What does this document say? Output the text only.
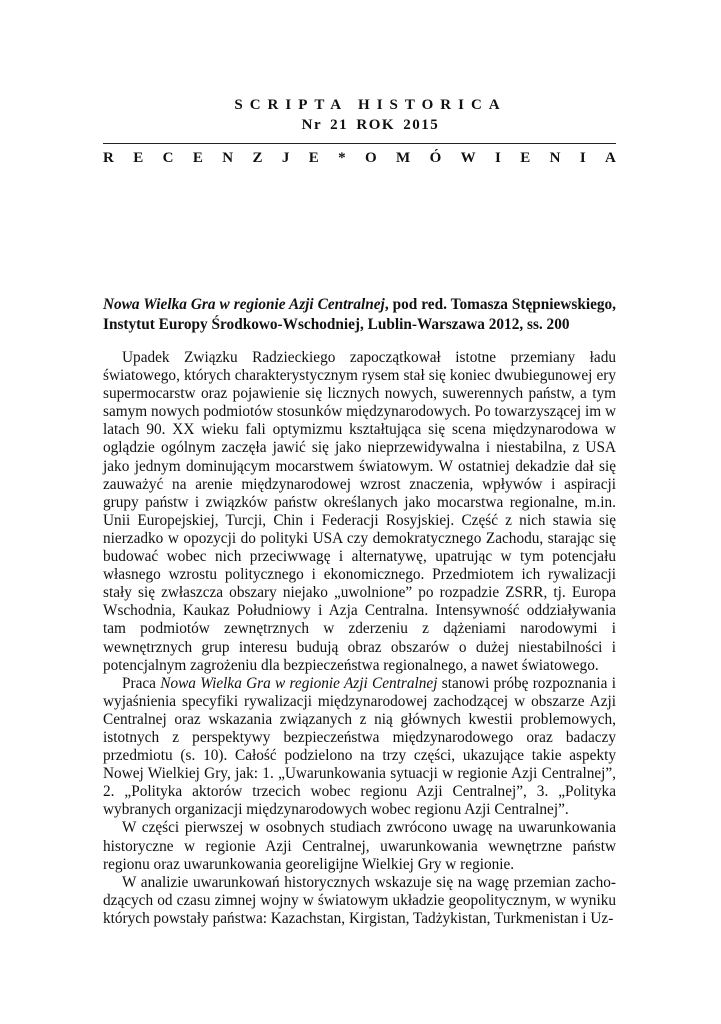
SCRIPTA HISTORICA
Nr 21 ROK 2015
R E C E N Z J E * O M Ó W I E N I A
Nowa Wielka Gra w regionie Azji Centralnej, pod red. Tomasza Stępniewskiego, Instytut Europy Środkowo-Wschodniej, Lublin-Warszawa 2012, ss. 200

Upadek Związku Radzieckiego zapoczątkował istotne przemiany ładu światowego, których charakterystycznym rysem stał się koniec dwubiegunowej ery supermocarstw oraz pojawienie się licznych nowych, suwerennych państw, a tym samym nowych podmiotów stosunków międzynarodowych. Po towarzyszącej im w latach 90. XX wieku fali optymizmu kształtująca się scena międzynarodowa w oglądzie ogólnym zaczęła jawić się jako nieprzewidywalna i niestabilna, z USA jako jednym dominującym mocarstwem światowym. W ostatniej dekadzie dał się zauważyć na arenie międzynarodowej wzrost znaczenia, wpływów i aspiracji grupy państw i związków państw określanych jako mocarstwa regionalne, m.in. Unii Europejskiej, Turcji, Chin i Federacji Rosyjskiej. Część z nich stawia się nierzadko w opozycji do polityki USA czy demokratycznego Zachodu, starając się budować wobec nich przeciwwagę i alternatywę, upatrując w tym potencjału własnego wzrostu politycznego i ekonomicznego. Przedmiotem ich rywalizacji stały się zwłaszcza obszary niejako „uwolnione” po rozpadzie ZSRR, tj. Europa Wschodnia, Kaukaz Południowy i Azja Centralna. Intensywność oddziaływania tam podmiotów zewnętrznych w zderzeniu z dążeniami narodowymi i wewnętrznych grup interesu budują obraz obszarów o dużej niestabilności i potencjalnym zagrożeniu dla bezpieczeństwa regionalnego, a nawet światowego.

Praca Nowa Wielka Gra w regionie Azji Centralnej stanowi próbę rozpoznania i wyjaśnienia specyfiki rywalizacji międzynarodowej zachodzącej w obszarze Azji Centralnej oraz wskazania związanych z nią głównych kwestii problemowych, istotnych z perspektywy bezpieczeństwa międzynarodowego oraz badaczy przedmiotu (s. 10). Całość podzielono na trzy części, ukazujące takie aspekty Nowej Wielkiej Gry, jak: 1. „Uwarunkowania sytuacji w regionie Azji Centralnej”, 2. „Polityka aktorów trzecich wobec regionu Azji Centralnej”, 3. „Polityka wybranych organizacji międzynarodowych wobec regionu Azji Centralnej”.

W części pierwszej w osobnych studiach zwrócono uwagę na uwarunkowania historyczne w regionie Azji Centralnej, uwarunkowania wewnętrzne państw regionu oraz uwarunkowania georeligijne Wielkiej Gry w regionie.

W analizie uwarunkowań historycznych wskazuje się na wagę przemian zachodzących od czasu zimnej wojny w światowym układzie geopolitycznym, w wyniku których powstały państwa: Kazachstan, Kirgistan, Tadżykistan, Turkmenistan i Uz-
